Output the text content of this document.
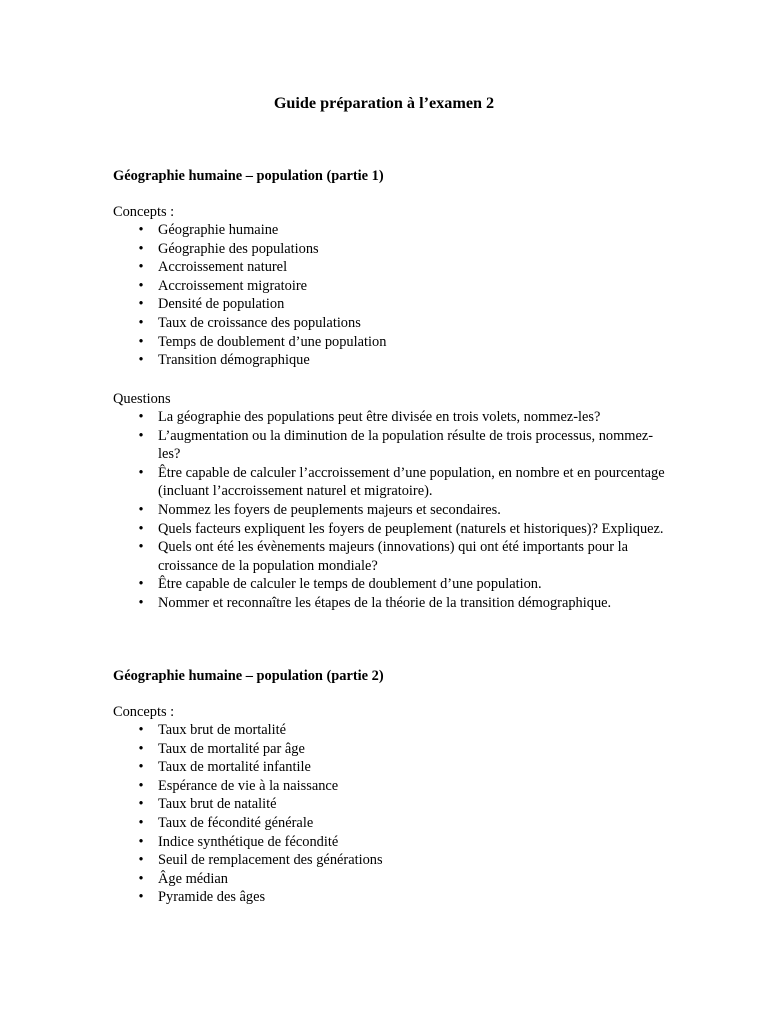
Guide préparation à l’examen 2
Géographie humaine – population (partie 1)
Concepts :
• Géographie humaine
• Géographie des populations
• Accroissement naturel
• Accroissement migratoire
• Densité de population
• Taux de croissance des populations
• Temps de doublement d’une population
• Transition démographique
Questions
• La géographie des populations peut être divisée en trois volets, nommez-les?
• L’augmentation ou la diminution de la population résulte de trois processus, nommez-les?
• Être capable de calculer l’accroissement d’une population, en nombre et en pourcentage (incluant l’accroissement naturel et migratoire).
• Nommez les foyers de peuplements majeurs et secondaires.
• Quels facteurs expliquent les foyers de peuplement (naturels et historiques)? Expliquez.
• Quels ont été les évènements majeurs (innovations) qui ont été importants pour la croissance de la population mondiale?
• Être capable de calculer le temps de doublement d’une population.
• Nommer et reconnaître les étapes de la théorie de la transition démographique.
Géographie humaine – population (partie 2)
Concepts :
• Taux brut de mortalité
• Taux de mortalité par âge
• Taux de mortalité infantile
• Espérance de vie à la naissance
• Taux brut de natalité
• Taux de fécondité générale
• Indice synthétique de fécondité
• Seuil de remplacement des générations
• Âge médian
• Pyramide des âges
